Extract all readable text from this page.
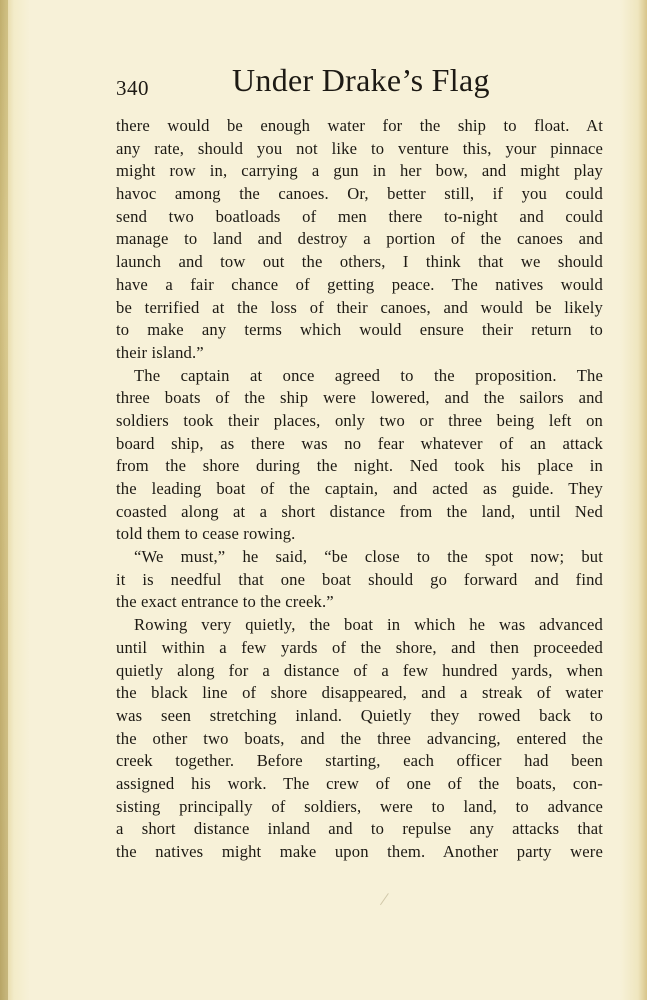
340	Under Drake’s Flag
there would be enough water for the ship to float. At
any rate, should you not like to venture this, your pinnace
might row in, carrying a gun in her bow, and might play
havoc among the canoes. Or, better still, if you could
send two boatloads of men there to-night and could
manage to land and destroy a portion of the canoes and
launch and tow out the others, I think that we should
have a fair chance of getting peace. The natives would
be terrified at the loss of their canoes, and would be likely
to make any terms which would ensure their return to
their island.”
The captain at once agreed to the proposition. The
three boats of the ship were lowered, and the sailors and
soldiers took their places, only two or three being left on
board ship, as there was no fear whatever of an attack
from the shore during the night. Ned took his place in
the leading boat of the captain, and acted as guide. They
coasted along at a short distance from the land, until Ned
told them to cease rowing.
“We must,” he said, “be close to the spot now; but
it is needful that one boat should go forward and find
the exact entrance to the creek.”
Rowing very quietly, the boat in which he was advanced
until within a few yards of the shore, and then proceeded
quietly along for a distance of a few hundred yards, when
the black line of shore disappeared, and a streak of water
was seen stretching inland. Quietly they rowed back to
the other two boats, and the three advancing, entered the
creek together. Before starting, each officer had been
assigned his work. The crew of one of the boats, con-
sisting principally of soldiers, were to land, to advance
a short distance inland and to repulse any attacks that
the natives might make upon them. Another party were
